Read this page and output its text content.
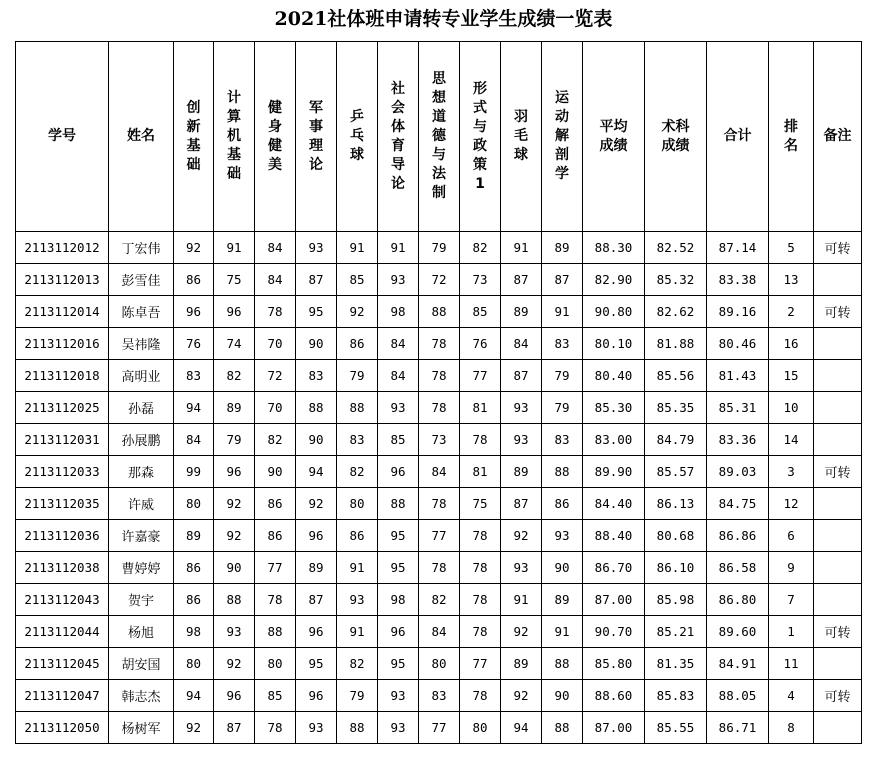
2021社体班申请转专业学生成绩一览表
学号	姓名	创新基础	计算机基础	健身健美	军事理论	乒乓球	社会体育导论	思想道德与法制	形式与政策1	羽毛球	运动解剖学	平均成绩	术科成绩	合计	排名	备注
2113112012	丁宏伟	92	91	84	93	91	91	79	82	91	89	88.30	82.52	87.14	5	可转
2113112013	彭雪佳	86	75	84	87	85	93	72	73	87	87	82.90	85.32	83.38	13	
2113112014	陈卓吾	96	96	78	95	92	98	88	85	89	91	90.80	82.62	89.16	2	可转
2113112016	吴祎隆	76	74	70	90	86	84	78	76	84	83	80.10	81.88	80.46	16	
2113112018	高明业	83	82	72	83	79	84	78	77	87	79	80.40	85.56	81.43	15	
2113112025	孙磊	94	89	70	88	88	93	78	81	93	79	85.30	85.35	85.31	10	
2113112031	孙展鹏	84	79	82	90	83	85	73	78	93	83	83.00	84.79	83.36	14	
2113112033	那森	99	96	90	94	82	96	84	81	89	88	89.90	85.57	89.03	3	可转
2113112035	许威	80	92	86	92	80	88	78	75	87	86	84.40	86.13	84.75	12	
2113112036	许嘉豪	89	92	86	96	86	95	77	78	92	93	88.40	80.68	86.86	6	
2113112038	曹婷婷	86	90	77	89	91	95	78	78	93	90	86.70	86.10	86.58	9	
2113112043	贺宇	86	88	78	87	93	98	82	78	91	89	87.00	85.98	86.80	7	
2113112044	杨旭	98	93	88	96	91	96	84	78	92	91	90.70	85.21	89.60	1	可转
2113112045	胡安国	80	92	80	95	82	95	80	77	89	88	85.80	81.35	84.91	11	
2113112047	韩志杰	94	96	85	96	79	93	83	78	92	90	88.60	85.83	88.05	4	可转
2113112050	杨树军	92	87	78	93	88	93	77	80	94	88	87.00	85.55	86.71	8	
